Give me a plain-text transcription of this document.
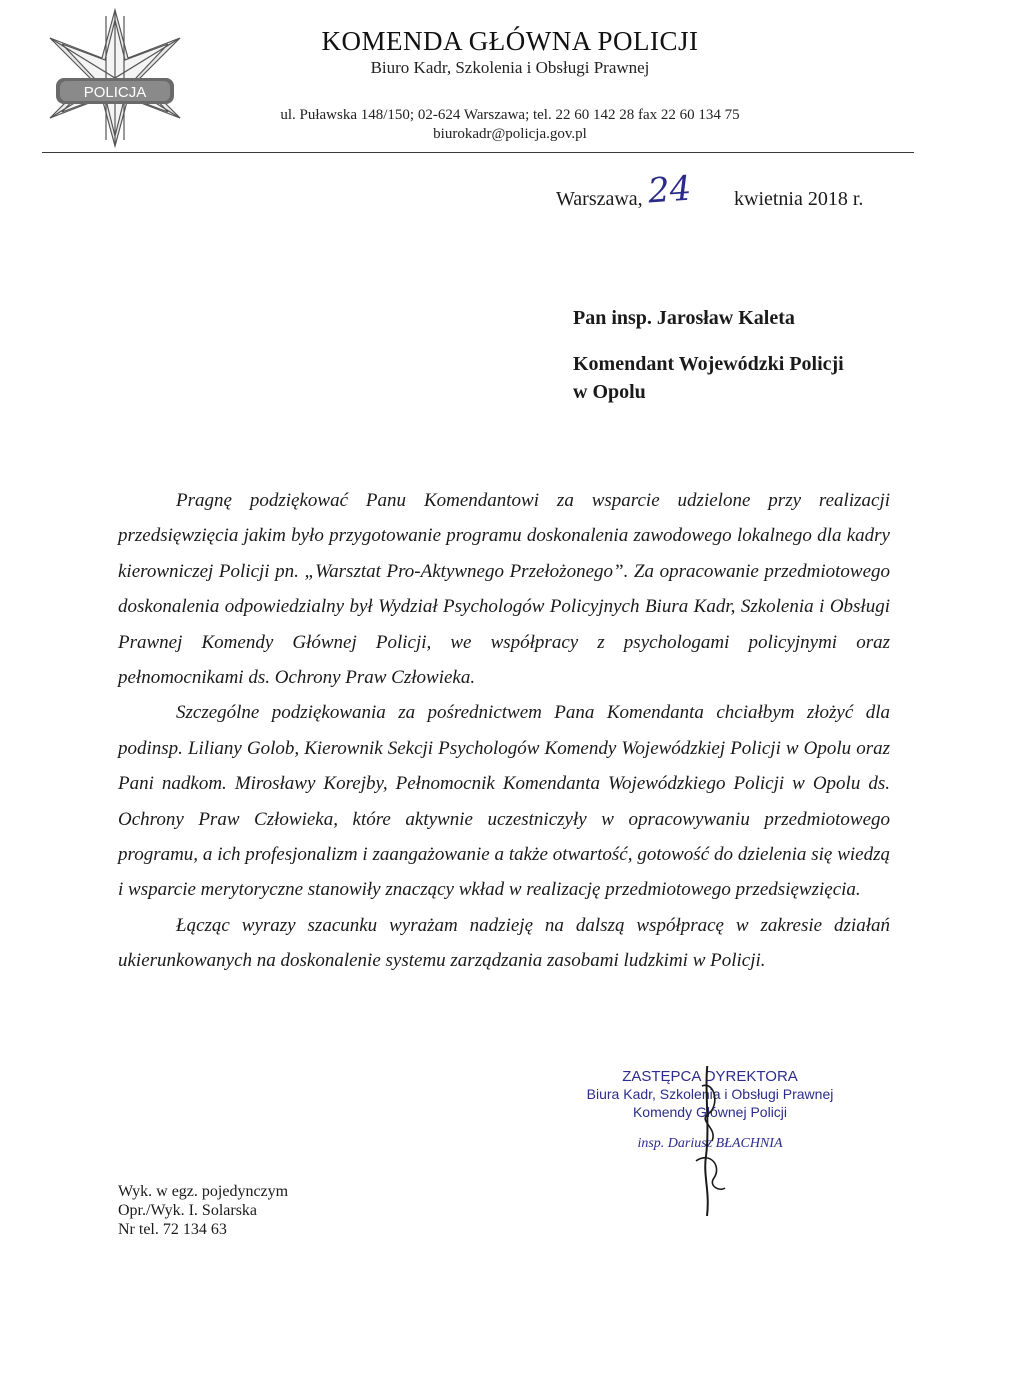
POLICJA
KOMENDA GŁÓWNA POLICJI
Biuro Kadr, Szkolenia i Obsługi Prawnej
ul. Puławska 148/150; 02-624 Warszawa; tel. 22 60 142 28 fax 22 60 134 75
biurokadr@policja.gov.pl
Warszawa, 24 kwietnia 2018 r.
Pan insp. Jarosław Kaleta
Komendant Wojewódzki Policji
w Opolu

Pragnę podziękować Panu Komendantowi za wsparcie udzielone przy realizacji przedsięwzięcia jakim było przygotowanie programu doskonalenia zawodowego lokalnego dla kadry kierowniczej Policji pn. „Warsztat Pro-Aktywnego Przełożonego”. Za opracowanie przedmiotowego doskonalenia odpowiedzialny był Wydział Psychologów Policyjnych Biura Kadr, Szkolenia i Obsługi Prawnej Komendy Głównej Policji, we współpracy z psychologami policyjnymi oraz pełnomocnikami ds. Ochrony Praw Człowieka.

Szczególne podziękowania za pośrednictwem Pana Komendanta chciałbym złożyć dla podinsp. Liliany Golob, Kierownik Sekcji Psychologów Komendy Wojewódzkiej Policji w Opolu oraz Pani nadkom. Mirosławy Korejby, Pełnomocnik Komendanta Wojewódzkiego Policji w Opolu ds. Ochrony Praw Człowieka, które aktywnie uczestniczyły w opracowywaniu przedmiotowego programu, a ich profesjonalizm i zaangażowanie a także otwartość, gotowość do dzielenia się wiedzą i wsparcie merytoryczne stanowiły znaczący wkład w realizację przedmiotowego przedsięwzięcia.

Łącząc wyrazy szacunku wyrażam nadzieję na dalszą współpracę w zakresie działań ukierunkowanych na doskonalenie systemu zarządzania zasobami ludzkimi w Policji.

ZASTĘPCA DYREKTORA
Biura Kadr, Szkolenia i Obsługi Prawnej
Komendy Głównej Policji
insp. Dariusz BŁACHNIA
Wyk. w egz. pojedynczym
Opr./Wyk. I. Solarska
Nr tel. 72 134 63
